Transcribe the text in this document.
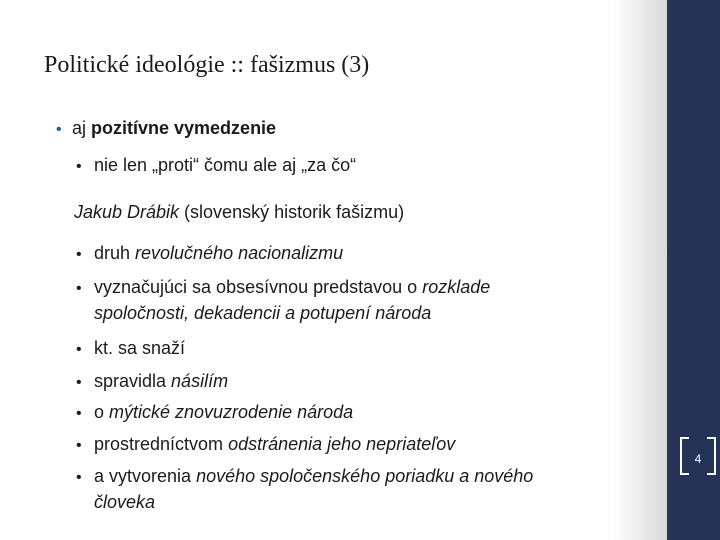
4
Politické ideológie :: fašizmus (3)
• aj pozitívne vymedzenie
• nie len „proti“ čomu ale aj „za čo“
Jakub Drábik (slovenský historik fašizmu)
• druh revolučného nacionalizmu
• vyznačujúci sa obsesívnou predstavou o rozklade
spoločnosti, dekadencii a potupení národa
• kt. sa snaží
• spravidla násilím
• o mýtické znovuzrodenie národa
• prostredníctvom odstránenia jeho nepriateľov
• a vytvorenia nového spoločenského poriadku a nového
človeka
